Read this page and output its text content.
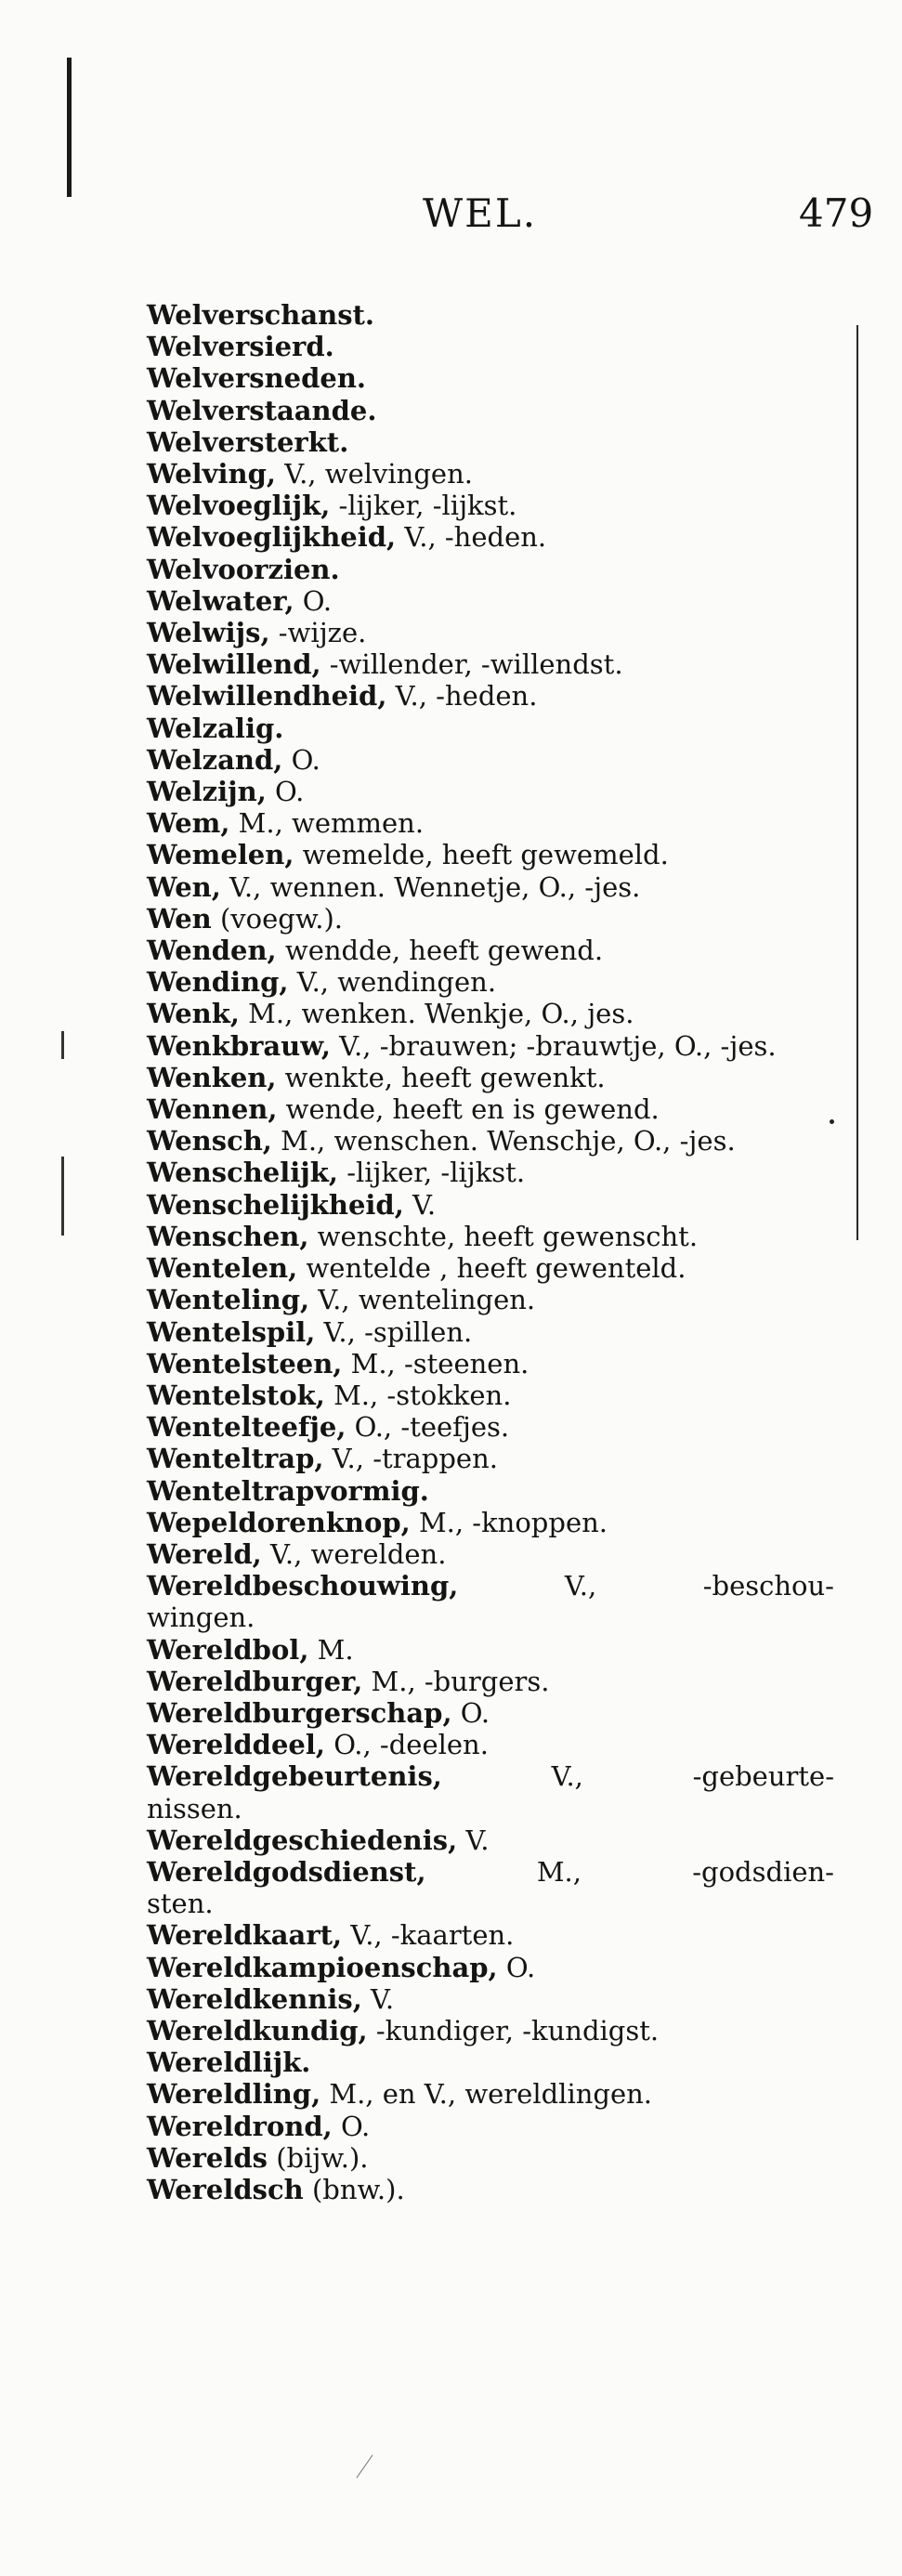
WEL.	479
Welverschanst.
Welversierd.
Welversneden.
Welverstaande.
Welversterkt.
Welving, V., welvingen.
Welvoeglijk, -lijker, -lijkst.
Welvoeglijkheid, V., -heden.
Welvoorzien.
Welwater, O.
Welwijs, -wijze.
Welwillend, -willender, -willendst.
Welwillendheid, V., -heden.
Welzalig.
Welzand, O.
Welzijn, O.
Wem, M., wemmen.
Wemelen, wemelde, heeft gewemeld.
Wen, V., wennen. Wennetje, O., -jes.
Wen (voegw.).
Wenden, wendde, heeft gewend.
Wending, V., wendingen.
Wenk, M., wenken. Wenkje, O., jes.
Wenkbrauw, V., -brauwen; -brauwtje, O., -jes.
Wenken, wenkte, heeft gewenkt.
Wennen, wende, heeft en is gewend.
Wensch, M., wenschen. Wenschje, O., -jes.
Wenschelijk, -lijker, -lijkst.
Wenschelijkheid, V.
Wenschen, wenschte, heeft gewenscht.
Wentelen, wentelde , heeft gewenteld.
Wenteling, V., wentelingen.
Wentelspil, V., -spillen.
Wentelsteen, M., -steenen.
Wentelstok, M., -stokken.
Wentelteefje, O., -teefjes.
Wenteltrap, V., -trappen.
Wenteltrapvormig.
Wepeldorenknop, M., -knoppen.
Wereld, V., werelden.
Wereldbeschouwing,	V.,	-beschou-
wingen.
Wereldbol, M.
Wereldburger, M., -burgers.
Wereldburgerschap, O.
Werelddeel, O., -deelen.
Wereldgebeurtenis,	V.,	-gebeurte-
nissen.
Wereldgeschiedenis, V.
Wereldgodsdienst,	M.,	-godsdien-
sten.
Wereldkaart, V., -kaarten.
Wereldkampioenschap, O.
Wereldkennis, V.
Wereldkundig, -kundiger, -kundigst.
Wereldlijk.
Wereldling, M., en V., wereldlingen.
Wereldrond, O.
Werelds (bijw.).
Wereldsch (bnw.).
